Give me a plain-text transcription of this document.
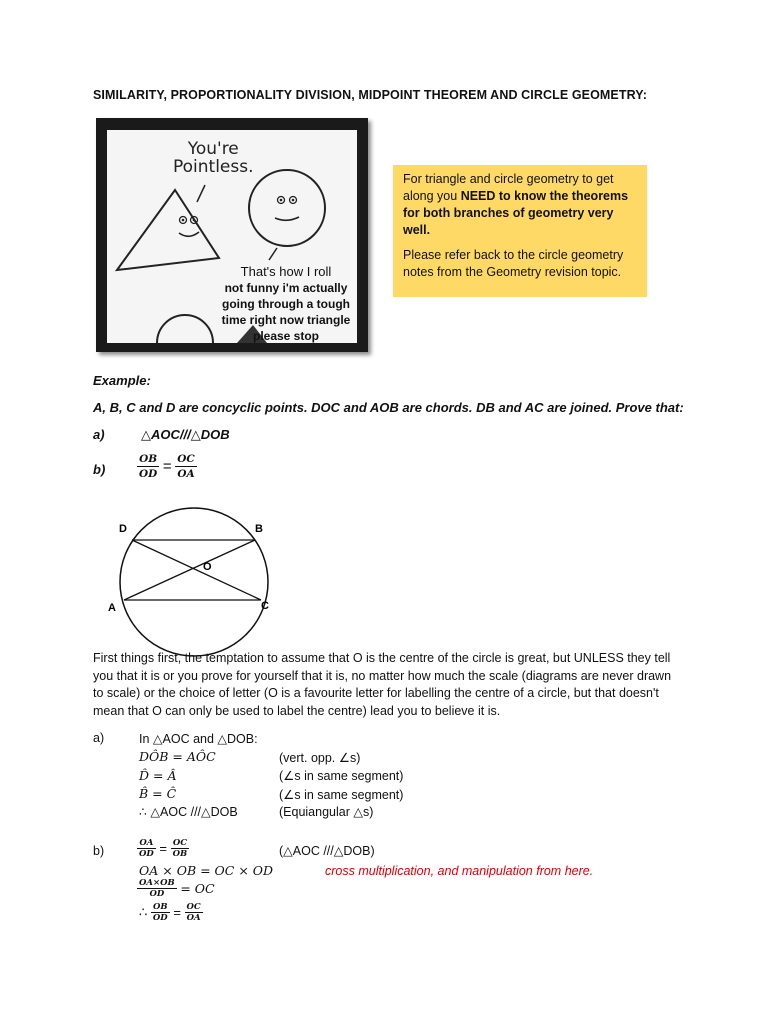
SIMILARITY, PROPORTIONALITY DIVISION, MIDPOINT THEOREM AND CIRCLE GEOMETRY:
You're
Pointless.
That's how I roll
not funny i'm actually
going through a tough
time right now triangle
please stop

For triangle and circle geometry to get along you NEED to know the theorems for both branches of geometry very well.

Please refer back to the circle geometry notes from the Geometry revision topic.

Example:
A, B, C and D are concyclic points. DOC and AOB are chords. DB and AC are joined. Prove that:
a)	△AOC///△DOB
b)	$\frac{OB}{OD} = \frac{OC}{OA}$
D	B
O
A	C
First things first, the temptation to assume that O is the centre of the circle is great, but UNLESS they tell you that it is or you prove for yourself that it is, no matter how much the scale (diagrams are never drawn to scale) or the choice of letter (O is a favourite letter for labelling the centre of a circle, but that doesn't mean that O can only be used to label the centre) lead you to believe it is.
a)	In △AOC and △DOB:
DÔB = AÔC	(vert. opp. ∠s)
D̂ = Â	(∠s in same segment)
B̂ = Ĉ	(∠s in same segment)
∴ △AOC ///△DOB	(Equiangular △s)
b)	$\frac{OA}{OD} = \frac{OC}{OB}$	(△AOC ///△DOB)
OA × OB = OC × OD	cross multiplication, and manipulation from here.
$\frac{OA\times OB}{OD}$ = OC
∴ $\frac{OB}{OD} = \frac{OC}{OA}$
